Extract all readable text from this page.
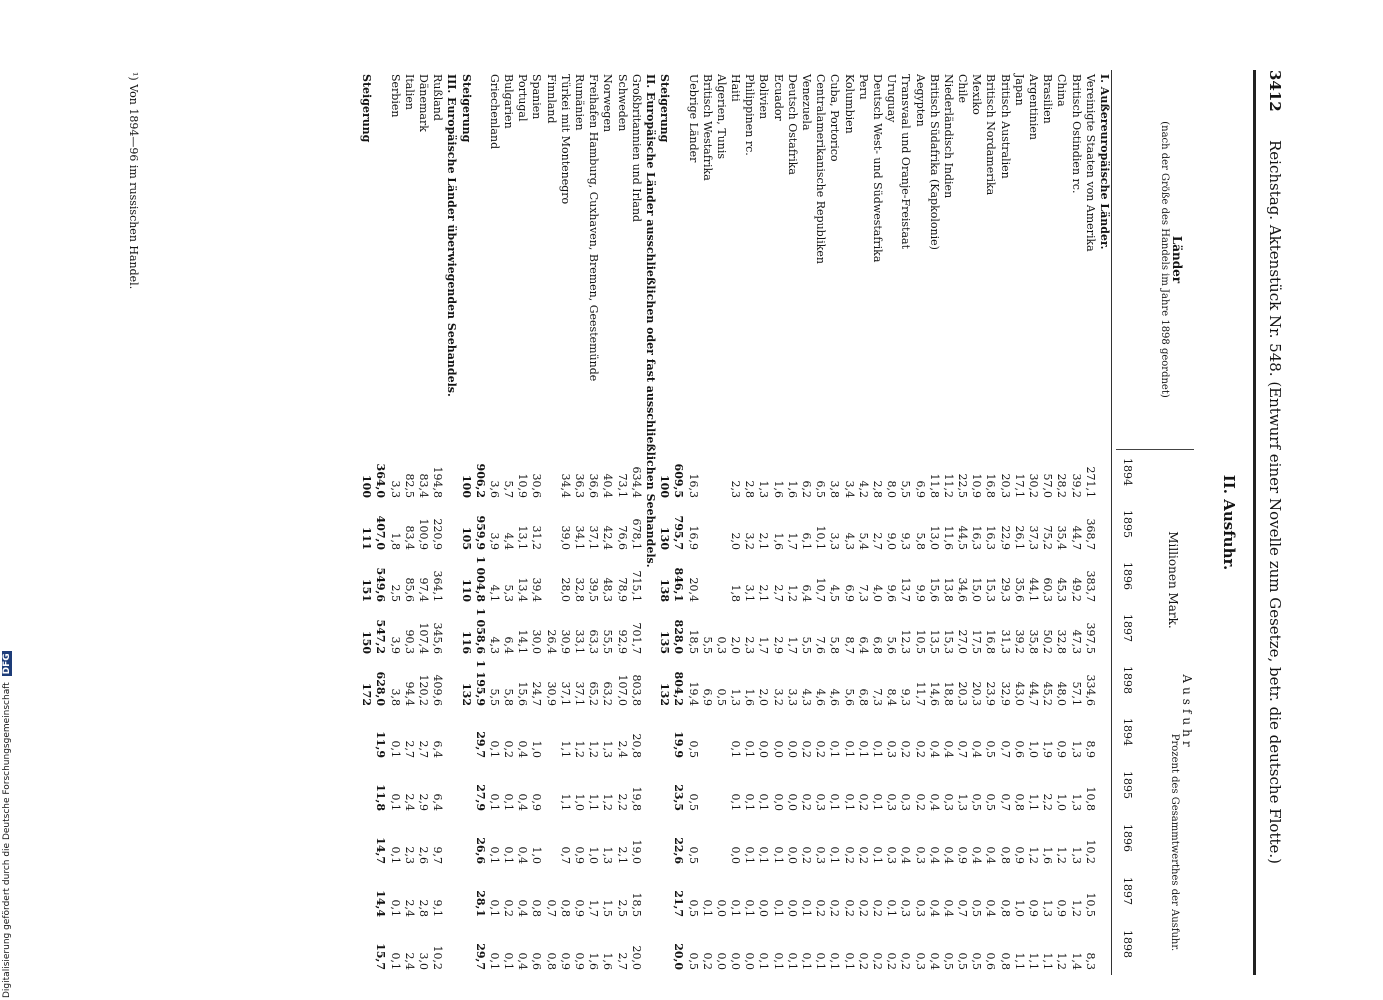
3412
Reichstag. Aktenstück Nr. 548. (Entwurf einer Novelle zum Gesetze, betr. die deutsche Flotte.)
II. Ausfuhr.
Länder
(nach der Größe des Handels im Jahre 1898 geordnet)
Ausfuhr
Millionen Mark.
Prozent des Gesammtwerthes der Ausfuhr.
1894
1895
1896
1897
1898
1894
1895
1896
1897
1898
I. Außereuropäische Länder.
Vereinigte Staaten von Amerika
271,1
368,7
383,7
397,5
334,6
8,9
10,8
10,2
10,5
8,3
Britisch Ostindien rc.
39,2
44,7
49,2
47,3
57,1
1,3
1,3
1,3
1,2
1,4
China
28,2
35,4
45,3
32,8
48,0
0,9
1,0
1,2
0,9
1,2
Brasilien
57,0
75,2
60,3
50,2
45,2
1,9
2,2
1,6
1,3
1,1
Argentinien
30,2
37,3
44,1
35,8
44,7
1,0
1,1
1,2
0,9
1,1
Japan
17,1
26,1
35,6
39,2
43,0
0,6
0,8
0,9
1,0
1,1
Britisch Australien
20,3
22,9
29,3
31,3
32,9
0,7
0,7
0,8
0,8
0,8
Britisch Nordamerika
16,8
16,3
15,3
16,8
23,9
0,5
0,5
0,4
0,4
0,6
Mexiko
10,9
16,3
15,0
17,5
20,3
0,4
0,5
0,4
0,5
0,5
Chile
22,5
44,5
34,6
27,0
20,3
0,7
1,3
0,9
0,7
0,5
Niederländisch Indien
11,2
11,6
13,8
15,3
18,8
0,4
0,3
0,4
0,4
0,5
Britisch Südafrika (Kapkolonie)
11,8
13,0
15,6
13,5
14,6
0,4
0,4
0,4
0,4
0,4
Aegypten
6,9
5,8
9,9
10,5
11,7
0,2
0,2
0,3
0,3
0,3
Transvaal und Oranje-Freistaat
5,5
9,3
13,7
12,3
9,3
0,2
0,3
0,4
0,3
0,2
Uruguay
8,0
9,0
9,6
5,6
8,4
0,3
0,3
0,3
0,1
0,2
Deutsch West- und Südwestafrika
2,8
2,7
4,0
6,8
7,3
0,1
0,1
0,1
0,2
0,2
Peru
4,2
5,4
7,3
6,4
6,8
0,1
0,2
0,2
0,2
0,2
Kolumbien
3,4
4,3
6,9
8,7
5,6
0,1
0,1
0,2
0,2
0,1
Cuba, Portorico
3,8
3,3
4,5
5,8
4,6
0,1
0,1
0,1
0,2
0,1
Centralamerikanische Republiken
6,5
10,1
10,7
7,6
4,6
0,2
0,3
0,3
0,2
0,1
Venezuela
6,2
6,1
6,4
5,5
4,3
0,2
0,2
0,2
0,1
0,1
Deutsch Ostafrika
1,6
1,7
1,2
1,7
3,3
0,0
0,0
0,0
0,0
0,1
Ecuador
1,6
1,6
2,7
2,9
3,2
0,0
0,0
0,1
0,1
0,1
Bolivien
1,3
2,1
2,1
1,7
2,0
0,0
0,1
0,1
0,0
0,1
Philippinen rc.
2,8
3,2
3,1
2,3
1,6
0,1
0,1
0,1
0,1
0,0
Haiti
2,3
2,0
1,8
2,0
1,3
0,1
0,1
0,0
0,1
0,0
Algerien, Tunis
0,3
0,5
0,0
0,0
Britisch Westafrika
5,5
6,9
0,1
0,2
Uebrige Länder
16,3
16,9
20,4
18,5
19,4
0,5
0,5
0,5
0,5
0,5
609,5
795,7
846,1
828,0
804,2
19,9
23,5
22,6
21,7
20,0
Steigerung
100
130
138
135
132
II. Europäische Länder ausschließlichen oder fast ausschließlichen Seehandels.
Großbritannien und Irland
634,4
678,1
715,1
701,7
803,8
20,8
19,8
19,0
18,5
20,0
Schweden
73,1
76,6
78,9
92,9
107,0
2,4
2,2
2,1
2,5
2,7
Norwegen
40,4
42,4
48,3
55,5
63,2
1,3
1,2
1,3
1,5
1,6
Freihafen Hamburg, Cuxhaven, Bremen, Geestemünde
36,6
37,1
39,5
63,3
65,2
1,2
1,1
1,0
1,7
1,6
Rumänien
36,3
34,1
32,8
33,1
37,1
1,2
1,0
0,9
0,9
0,9
Türkei mit Montenegro
34,4
39,0
28,0
30,9
37,1
1,1
1,1
0,7
0,8
0,9
Finnland
26,4
30,9
0,7
0,8
Spanien
30,6
31,2
39,4
30,0
24,7
1,0
0,9
1,0
0,8
0,6
Portugal
10,9
13,1
13,4
14,1
15,6
0,4
0,4
0,4
0,4
0,4
Bulgarien
5,7
4,4
5,3
6,4
5,8
0,2
0,1
0,1
0,2
0,1
Griechenland
3,6
3,9
4,1
4,3
5,5
0,1
0,1
0,1
0,1
0,1
906,2
959,9
1 004,8
1 058,6
1 195,9
29,7
27,9
26,6
28,1
29,7
Steigerung
100
105
110
116
132
III. Europäische Länder überwiegenden Seehandels.
Rußland
194,8
220,9
364,1
345,6
409,6
6,4
6,4
9,7
9,1
10,2
Dänemark
83,4
100,9
97,4
107,4
120,2
2,7
2,9
2,6
2,8
3,0
Italien
82,5
83,4
85,6
90,3
94,4
2,7
2,4
2,3
2,4
2,4
Serbien
3,3
1,8
2,5
3,9
3,8
0,1
0,1
0,1
0,1
0,1
364,0
407,0
549,6
547,2
628,0
11,9
11,8
14,7
14,4
15,7
Steigerung
100
111
151
150
172
¹) Von 1894—96 im russischen Handel.
Digitalisierung gefördert durch die Deutsche Forschungsgemeinschaft DFG
